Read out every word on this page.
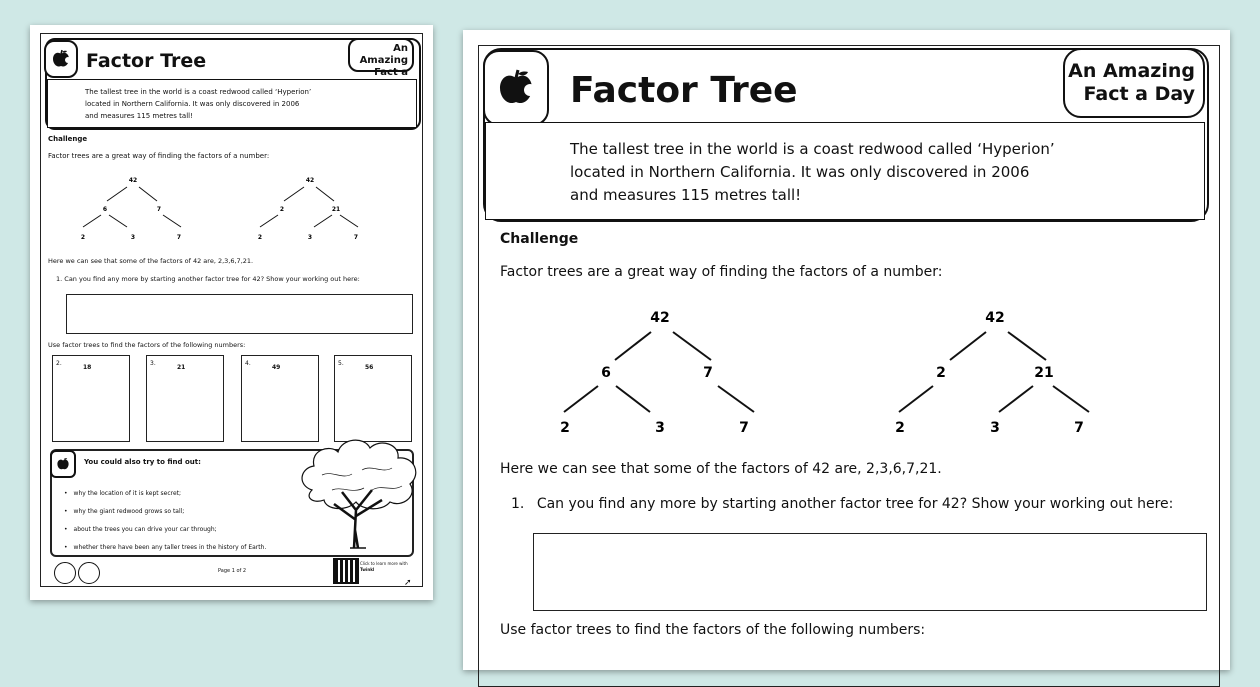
Factor Tree
An Amazing
Fact a
The tallest tree in the world is a coast redwood called ‘Hyperion’
located in Northern California. It was only discovered in 2006
and measures 115 metres tall!
Challenge
Factor trees are a great way of finding the factors of a number:
42
6	7
2	3	7
42
2	21
2	3	7
Here we can see that some of the factors of 42 are, 2,3,6,7,21.
1. Can you find any more by starting another factor tree for 42? Show your working out here:
Use factor trees to find the factors of the following numbers:
2.
18
3.
21
4.
49
5.
56
You could also try to find out:
• why the location of it is kept secret;
• why the giant redwood grows so tall;
• about the trees you can drive your car through;
• whether there have been any taller trees in the history of Earth.
Page 1 of 2
Click to learn more with
Twinkl
➚
Factor Tree	An Amazing
Fact a Day
The tallest tree in the world is a coast redwood called ‘Hyperion’
located in Northern California. It was only discovered in 2006
and measures 115 metres tall!
Challenge
Factor trees are a great way of finding the factors of a number:
42
6	7
2	3	7
42
2	21
2	3	7
Here we can see that some of the factors of 42 are, 2,3,6,7,21.
1. Can you find any more by starting another factor tree for 42? Show your working out here:
Use factor trees to find the factors of the following numbers:
